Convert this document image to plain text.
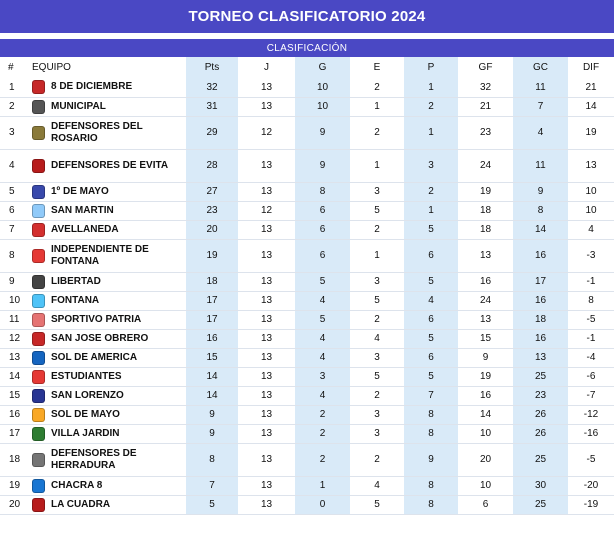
TORNEO CLASIFICATORIO 2024
CLASIFICACIÓN
#	EQUIPO	Pts	J	G	E	P	GF	GC	DIF
1	8 DE DICIEMBRE	32	13	10	2	1	32	11	21
2	MUNICIPAL	31	13	10	1	2	21	7	14
3	DEFENSORES DEL ROSARIO	29	12	9	2	1	23	4	19
4	DEFENSORES DE EVITA	28	13	9	1	3	24	11	13
5	1º DE MAYO	27	13	8	3	2	19	9	10
6	SAN MARTIN	23	12	6	5	1	18	8	10
7	AVELLANEDA	20	13	6	2	5	18	14	4
8	INDEPENDIENTE DE FONTANA	19	13	6	1	6	13	16	-3
9	LIBERTAD	18	13	5	3	5	16	17	-1
10	FONTANA	17	13	4	5	4	24	16	8
11	SPORTIVO PATRIA	17	13	5	2	6	13	18	-5
12	SAN JOSE OBRERO	16	13	4	4	5	15	16	-1
13	SOL DE AMERICA	15	13	4	3	6	9	13	-4
14	ESTUDIANTES	14	13	3	5	5	19	25	-6
15	SAN LORENZO	14	13	4	2	7	16	23	-7
16	SOL DE MAYO	9	13	2	3	8	14	26	-12
17	VILLA JARDIN	9	13	2	3	8	10	26	-16
18	DEFENSORES DE HERRADURA	8	13	2	2	9	20	25	-5
19	CHACRA 8	7	13	1	4	8	10	30	-20
20	LA CUADRA	5	13	0	5	8	6	25	-19
